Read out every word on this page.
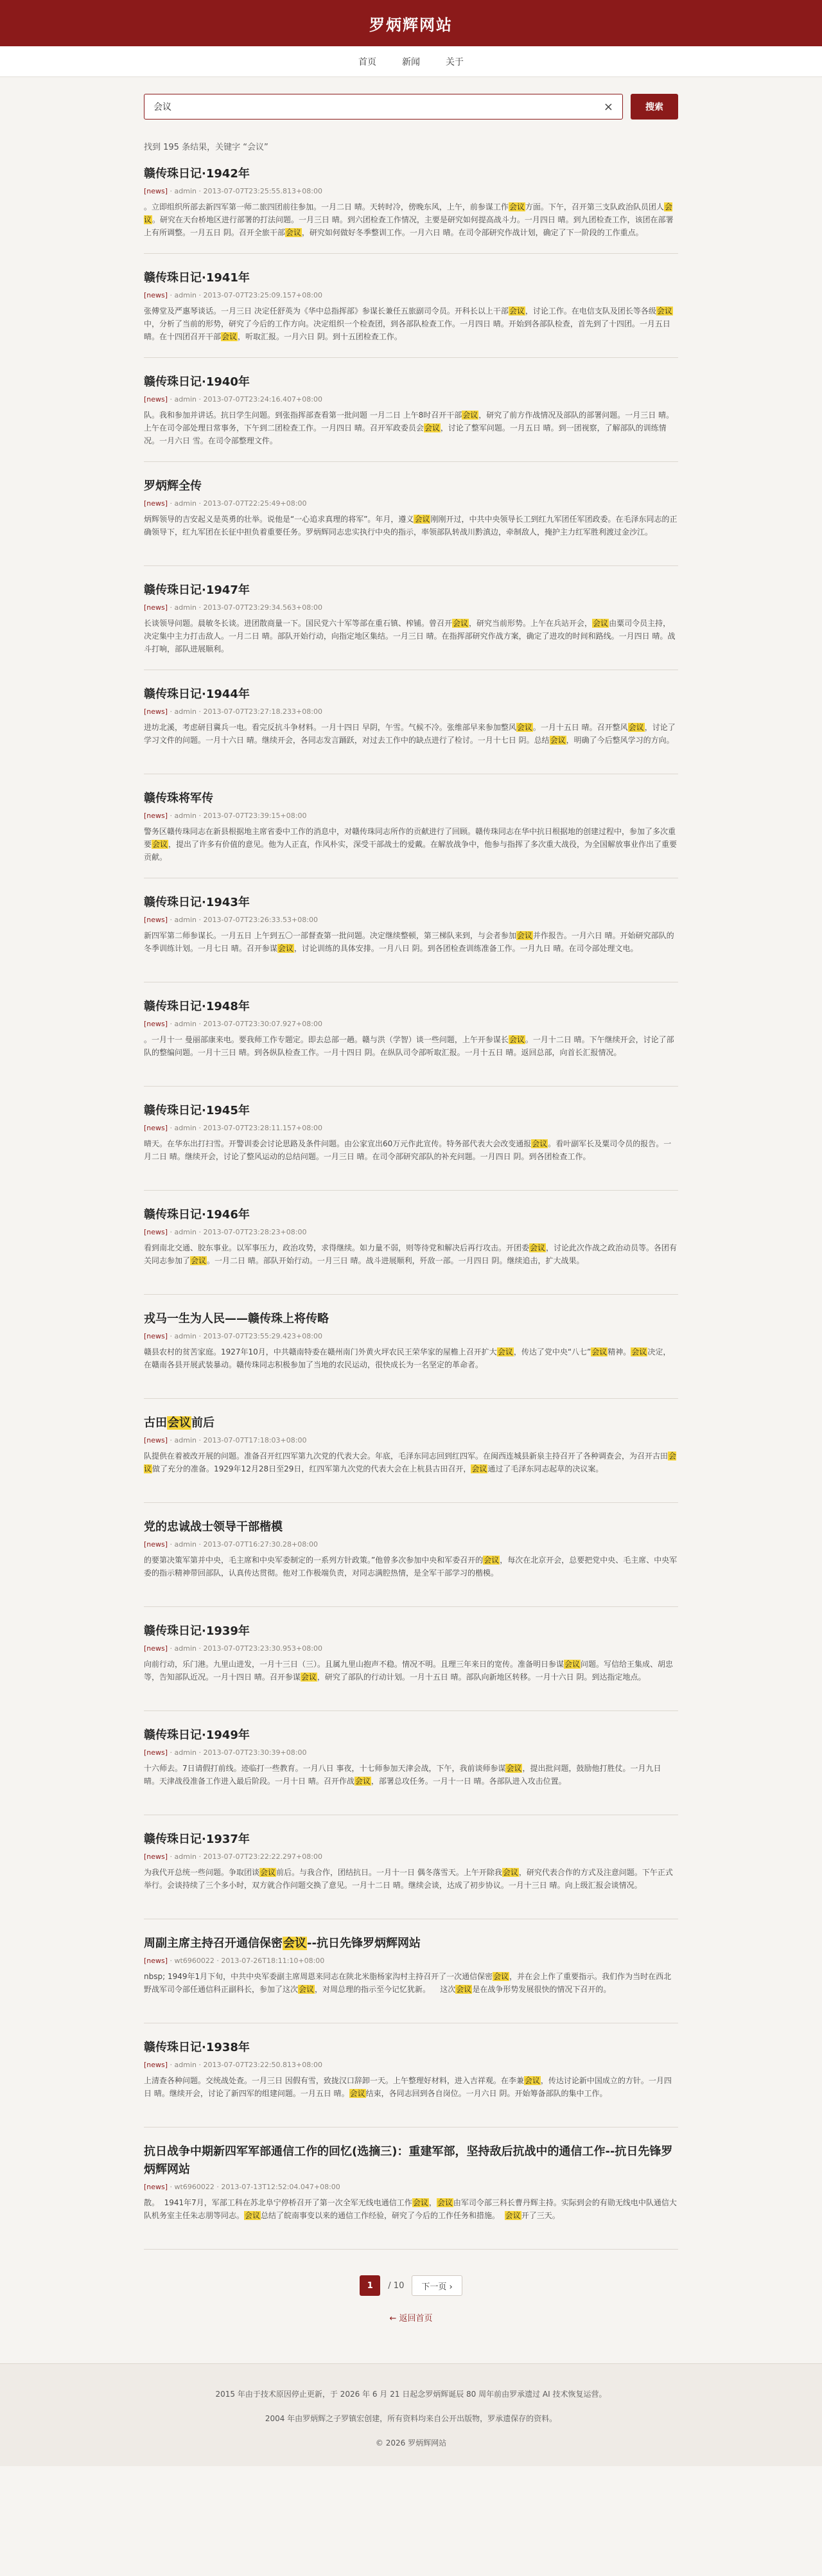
罗炳辉网站
首页	新闻	关于
会议
×	搜索
找到 195 条结果，关键字 “会议”
赣传珠日记·1942年
[news] · admin · 2013-07-07T23:25:55.813+08:00
。立即组织所部去新四军第一师二旅四团前往参加。一月二日 晴。天转时冷，傍晚东风，上午，前参谋工作会议方面。下午，召开第三支队政治队员团人会议。研究在天台桥地区进行部署的打法问题。一月三日 晴。到六团检查工作情况，主要是研究如何提高战斗力。一月四日 晴。到九团检查工作，该团在部署上有所调整。一月五日 阴。召开全旅干部会议，研究如何做好冬季整训工作。一月六日 晴。在司令部研究作战计划，确定了下一阶段的工作重点。
赣传珠日记·1941年
[news] · admin · 2013-07-07T23:25:09.157+08:00
张傅堂及严惠琴谈话。一月三日 决定任舒英为《华中总指挥部》参谋长兼任五旅副司令员。开科长以上干部会议，讨论工作。在电信支队及团长等各级会议中，分析了当前的形势，研究了今后的工作方向。决定组织一个检查团，到各部队检查工作。一月四日 晴。开始到各部队检查，首先到了十四团。一月五日 晴。在十四团召开干部会议，听取汇报。一月六日 阴。到十五团检查工作。
赣传珠日记·1940年
[news] · admin · 2013-07-07T23:24:16.407+08:00
队。我和参加并讲话。抗日学生问题。到张指挥部查看第一批问题 一月二日 上午8时召开干部会议，研究了前方作战情况及部队的部署问题。一月三日 晴。上午在司令部处理日常事务，下午到二团检查工作。一月四日 晴。召开军政委员会会议，讨论了整军问题。一月五日 晴。到一团视察，了解部队的训练情况。一月六日 雪。在司令部整理文件。
罗炳辉全传
[news] · admin · 2013-07-07T22:25:49+08:00
炳辉领导的吉安起义是英勇的壮举。说他是“一心追求真理的将军”。年月，遵义会议刚刚开过，中共中央领导长工到红九军团任军团政委。在毛泽东同志的正确领导下，红九军团在长征中担负着重要任务。罗炳辉同志忠实执行中央的指示，率领部队转战川黔滇边，牵制敌人，掩护主力红军胜利渡过金沙江。
赣传珠日记·1947年
[news] · admin · 2013-07-07T23:29:34.563+08:00
长谈领导问题。晨敏冬长谈。进团散商量一下。国民党六十军等部在重石镇、榨铺。曾召开会议，研究当前形势。上午在兵站开会，会议由粟司令员主持，决定集中主力打击敌人。一月二日 晴。部队开始行动，向指定地区集结。一月三日 晴。在指挥部研究作战方案，确定了进攻的时间和路线。一月四日 晴。战斗打响，部队进展顺利。
赣传珠日记·1944年
[news] · admin · 2013-07-07T23:27:18.233+08:00
进坊北溪，考虑研目冀兵一电。看完反抗斗争材料。一月十四日 早阴，午雪。气候不冷。张维部早来参加整风会议。一月十五日 晴。召开整风会议，讨论了学习文件的问题。一月十六日 晴。继续开会，各同志发言踊跃，对过去工作中的缺点进行了检讨。一月十七日 阴。总结会议，明确了今后整风学习的方向。
赣传珠将军传
[news] · admin · 2013-07-07T23:39:15+08:00
警务区赣传珠同志在新县根据地主席省委中工作的消息中，对赣传珠同志所作的贡献进行了回顾。赣传珠同志在华中抗日根据地的创建过程中，参加了多次重要会议，提出了许多有价值的意见。他为人正直，作风朴实，深受干部战士的爱戴。在解放战争中，他参与指挥了多次重大战役，为全国解放事业作出了重要贡献。
赣传珠日记·1943年
[news] · admin · 2013-07-07T23:26:33.53+08:00
新四军第二师参谋长。一月五日 上午到五〇一部督查第一批问题。决定继续整顿，第三梯队来到，与会者参加会议并作报告。一月六日 晴。开始研究部队的冬季训练计划。一月七日 晴。召开参谋会议，讨论训练的具体安排。一月八日 阴。到各团检查训练准备工作。一月九日 晴。在司令部处理文电。
赣传珠日记·1948年
[news] · admin · 2013-07-07T23:30:07.927+08:00
。一月十一 曼丽部康来电。要我师工作专题定。即去总部一趟。赣与洪（学智）谈一些问题，上午开参谋长会议。一月十二日 晴。下午继续开会，讨论了部队的整编问题。一月十三日 晴。到各纵队检查工作。一月十四日 阴。在纵队司令部听取汇报。一月十五日 晴。返回总部，向首长汇报情况。
赣传珠日记·1945年
[news] · admin · 2013-07-07T23:28:11.157+08:00
晴天。在华东出打扫雪。开警训委会讨论思路及条件问题。由公家宣出60万元作此宣传。特务部代表大会改变通报会议。看叶副军长及粟司令员的报告。一月二日 晴。继续开会，讨论了整风运动的总结问题。一月三日 晴。在司令部研究部队的补充问题。一月四日 阴。到各团检查工作。
赣传珠日记·1946年
[news] · admin · 2013-07-07T23:28:23+08:00
看到南北交通、胶东事业。以军事压力，政治攻势，求得继续。如力量不弱，则等待党和解决后再行攻击。开团委会议，讨论此次作战之政治动员等。各团有关同志参加了会议。一月二日 晴。部队开始行动。一月三日 晴。战斗进展顺利，歼敌一部。一月四日 阴。继续追击，扩大战果。
戎马一生为人民——赣传珠上将传略
[news] · admin · 2013-07-07T23:55:29.423+08:00
赣县农村的贫苦家庭。1927年10月，中共赣南特委在赣州南门外黄火坪农民王荣华家的屋檐上召开扩大会议，传达了党中央“八七”会议精神。会议决定，在赣南各县开展武装暴动。赣传珠同志积极参加了当地的农民运动，很快成长为一名坚定的革命者。
古田会议前后
[news] · admin · 2013-07-07T17:18:03+08:00
队提供在着被改开展的问题。准备召开红四军第九次党的代表大会。年底，毛泽东同志回到红四军。在闽西连城县新泉主持召开了各种调查会，为召开古田会议做了充分的准备。1929年12月28日至29日，红四军第九次党的代表大会在上杭县古田召开，会议通过了毛泽东同志起草的决议案。
党的忠诚战士领导干部楷模
[news] · admin · 2013-07-07T16:27:30.28+08:00
的要第决策军第并中央，毛主席和中央军委制定的一系列方针政策。”他曾多次参加中央和军委召开的会议，每次在北京开会，总要把党中央、毛主席、中央军委的指示精神带回部队，认真传达贯彻。他对工作极端负责，对同志满腔热情，是全军干部学习的楷模。
赣传珠日记·1939年
[news] · admin · 2013-07-07T23:23:30.953+08:00
向前行动，乐门港。九里山进发，一月十三日（三）。且属九里山抱声不稳。情况不明。且理三年来日的宽传。准备明日参谋会议问题。写信给王集成、胡忠等，告知部队近况。一月十四日 晴。召开参谋会议，研究了部队的行动计划。一月十五日 晴。部队向新地区转移。一月十六日 阴。到达指定地点。
赣传珠日记·1949年
[news] · admin · 2013-07-07T23:30:39+08:00
十六师去。7日请假打前线。迹临打一些教育。一月八日 事夜，十七师参加天津会战，下午，我前谈师参谋会议，提出批问题，鼓励他打胜仗。一月九日 晴。天津战役准备工作进入最后阶段。一月十日 晴。召开作战会议，部署总攻任务。一月十一日 晴。各部队进入攻击位置。
赣传珠日记·1937年
[news] · admin · 2013-07-07T23:22:22.297+08:00
为我代开总统一些问题。争取团谈会议前后。与我合作，团结抗日。一月十一日 偶冬落雪天。上午开除我会议，研究代表合作的方式及注意问题。下午正式举行。会谈持续了三个多小时，双方就合作问题交换了意见。一月十二日 晴。继续会谈，达成了初步协议。一月十三日 晴。向上级汇报会谈情况。
周副主席主持召开通信保密会议--抗日先锋罗炳辉网站
[news] · wt6960022 · 2013-07-26T18:11:10+08:00
nbsp; 1949年1月下旬，中共中央军委副主席周恩来同志在陕北米脂杨家沟村主持召开了一次通信保密会议，并在会上作了重要指示。我们作为当时在西北野战军司令部任通信科正副科长，参加了这次会议，对周总理的指示至今记忆犹新。    这次会议是在战争形势发展很快的情况下召开的。
赣传珠日记·1938年
[news] · admin · 2013-07-07T23:22:50.813+08:00
上清查各种问题。交统战处查。一月三日 因假有雪，致拢汉口辞卸一天。上午整理好材料，进入吉祥观。在李兼会议，传达讨论新中国成立的方针。一月四日 晴。继续开会，讨论了新四军的组建问题。一月五日 晴。会议结束，各同志回到各自岗位。一月六日 阴。开始筹备部队的集中工作。
抗日战争中期新四军军部通信工作的回忆(选摘三)：重建军部，坚持敌后抗战中的通信工作--抗日先锋罗炳辉网站
[news] · wt6960022 · 2013-07-13T12:52:04.047+08:00
散。  1941年7月，军部工科在苏北阜宁停桥召开了第一次全军无线电通信工作会议，会议由军司令部三科长曹丹辉主持。实际到会的有勋无线电中队通信大队机务室主任朱志朋等同志。会议总结了皖南事变以来的通信工作经验，研究了今后的工作任务和措施。  会议开了三天。
1	/ 10	下一页 ›
← 返回首页
2015 年由于技术原因停止更新，于 2026 年 6 月 21 日起念罗炳辉诞辰 80 周年前由罗承遗过 AI 技术恢复运营。
2004 年由罗炳辉之子罗镇宏创建，所有资料均来自公开出版物，罗承遗保存的资料。
© 2026 罗炳辉网站
